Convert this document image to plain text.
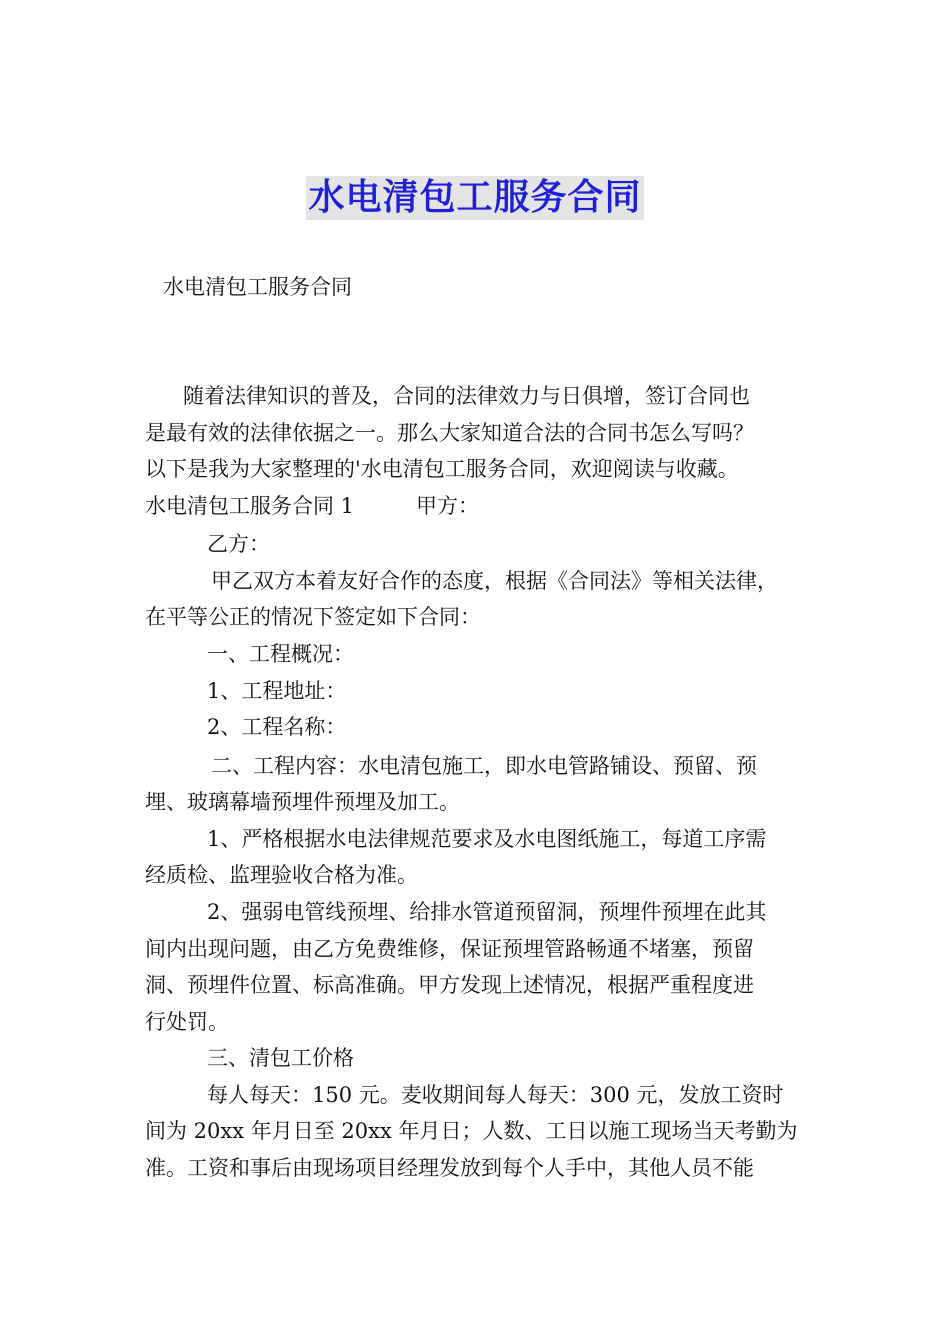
水电清包工服务合同
水电清包工服务合同
随着法律知识的普及，合同的法律效力与日俱增，签订合同也
是最有效的法律依据之一。那么大家知道合法的合同书怎么写吗？
以下是我为大家整理的'水电清包工服务合同，欢迎阅读与收藏。
水电清包工服务合同 1	甲方：
乙方：
甲乙双方本着友好合作的态度，根据《合同法》等相关法律，
在平等公正的情况下签定如下合同：
一、工程概况：
1、工程地址：
2、工程名称：
二、工程内容：水电清包施工，即水电管路铺设、预留、预
埋、玻璃幕墙预埋件预埋及加工。
1、严格根据水电法律规范要求及水电图纸施工，每道工序需
经质检、监理验收合格为准。
2、强弱电管线预埋、给排水管道预留洞，预埋件预埋在此其
间内出现问题，由乙方免费维修，保证预埋管路畅通不堵塞，预留
洞、预埋件位置、标高准确。甲方发现上述情况，根据严重程度进
行处罚。
三、清包工价格
每人每天：150 元。麦收期间每人每天：300 元，发放工资时
间为 20xx 年月日至 20xx 年月日；人数、工日以施工现场当天考勤为
准。工资和事后由现场项目经理发放到每个人手中，其他人员不能
